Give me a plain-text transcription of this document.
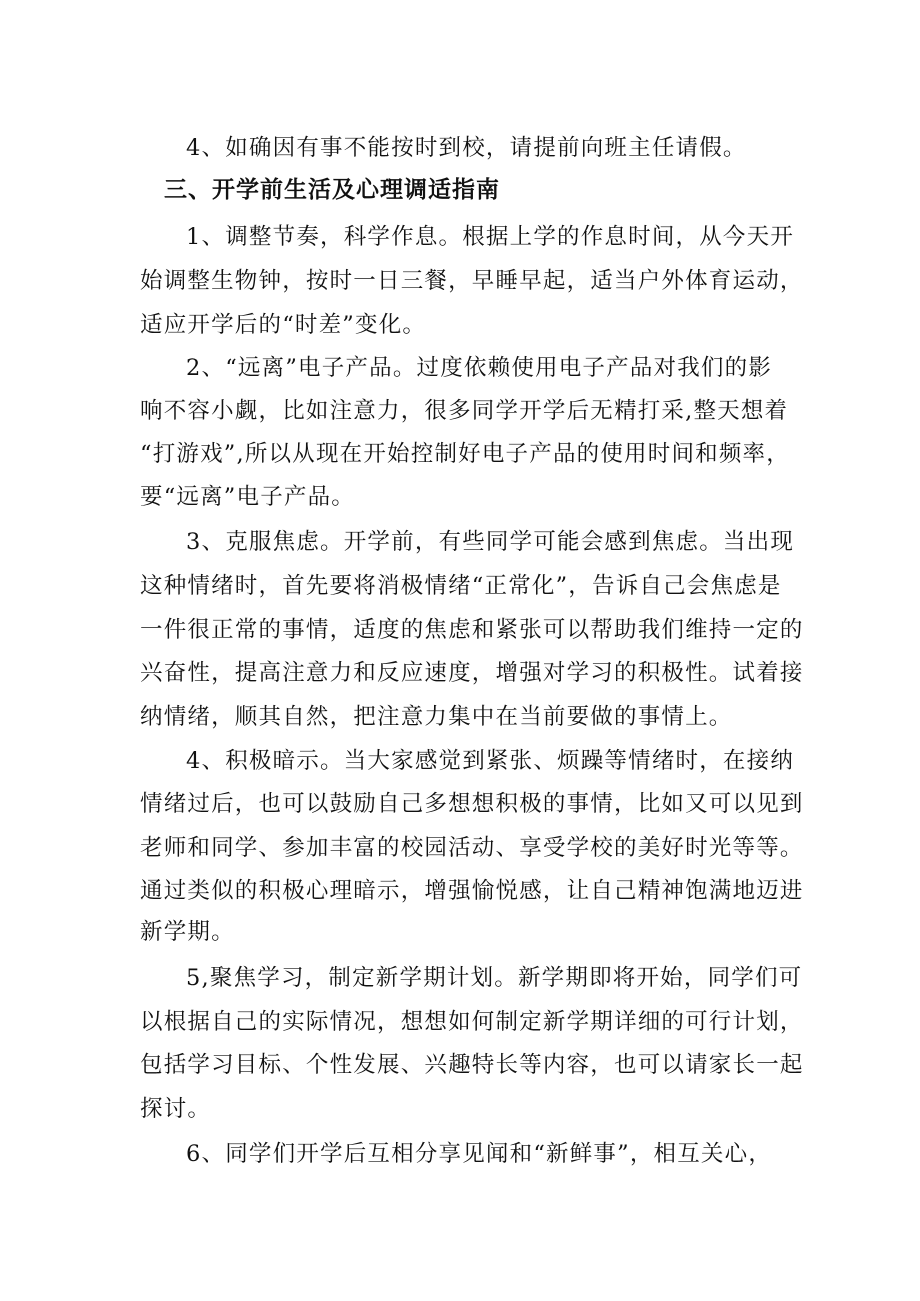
4、如确因有事不能按时到校，请提前向班主任请假。
三、开学前生活及心理调适指南
1、调整节奏，科学作息。根据上学的作息时间，从今天开
始调整生物钟，按时一日三餐，早睡早起，适当户外体育运动，
适应开学后的“时差”变化。
2、“远离”电子产品。过度依赖使用电子产品对我们的影
响不容小觑，比如注意力，很多同学开学后无精打采,整天想着
“打游戏”,所以从现在开始控制好电子产品的使用时间和频率，
要“远离”电子产品。
3、克服焦虑。开学前，有些同学可能会感到焦虑。当出现
这种情绪时，首先要将消极情绪“正常化”，告诉自己会焦虑是
一件很正常的事情，适度的焦虑和紧张可以帮助我们维持一定的
兴奋性，提高注意力和反应速度，增强对学习的积极性。试着接
纳情绪，顺其自然，把注意力集中在当前要做的事情上。
4、积极暗示。当大家感觉到紧张、烦躁等情绪时，在接纳
情绪过后，也可以鼓励自己多想想积极的事情，比如又可以见到
老师和同学、参加丰富的校园活动、享受学校的美好时光等等。
通过类似的积极心理暗示，增强愉悦感，让自己精神饱满地迈进
新学期。
5,聚焦学习，制定新学期计划。新学期即将开始，同学们可
以根据自己的实际情况，想想如何制定新学期详细的可行计划，
包括学习目标、个性发展、兴趣特长等内容，也可以请家长一起
探讨。
6、同学们开学后互相分享见闻和“新鲜事”，相互关心，
